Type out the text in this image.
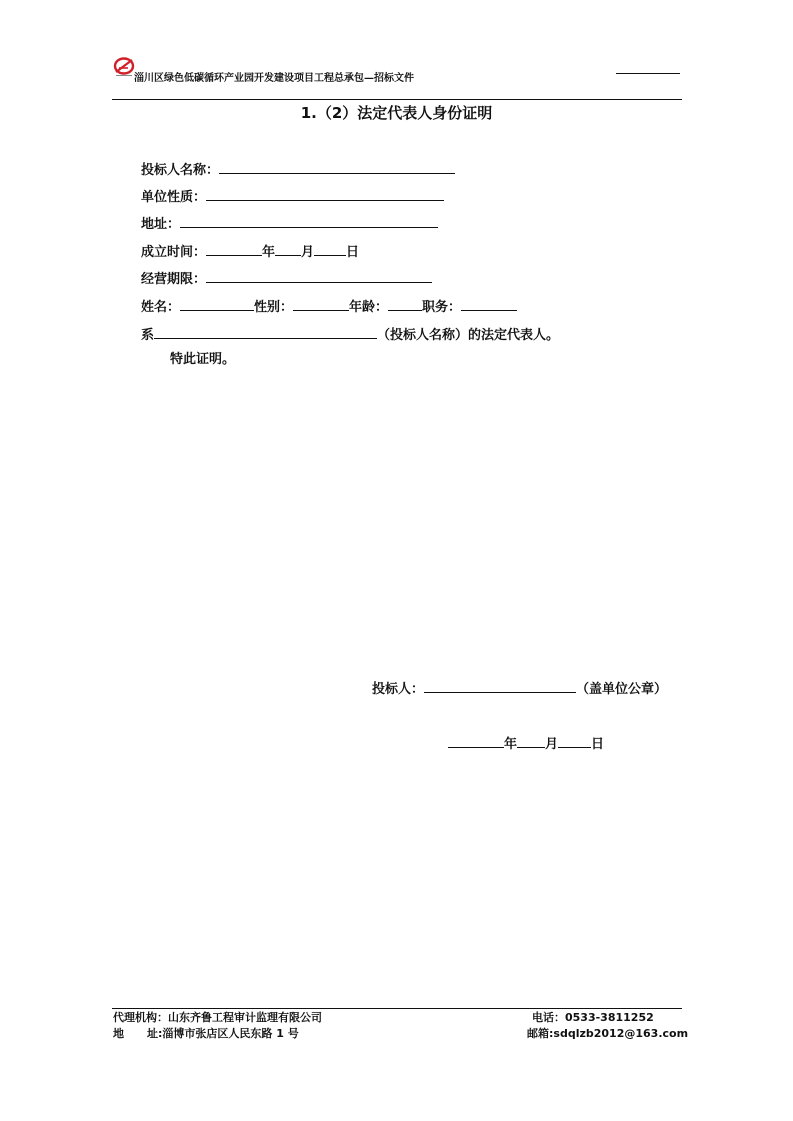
淄川区绿色低碳循环产业园开发建设项目工程总承包—招标文件
1.（2）法定代表人身份证明
投标人名称：
单位性质：
地址：
成立时间：	年 月 日
经营期限：
姓名：	性别：	年龄：	职务：
系	（投标人名称）的法定代表人。
特此证明。
投标人：	（盖单位公章）
年 月	日
代理机构：山东齐鲁工程审计监理有限公司
地      址:淄博市张店区人民东路 1 号
电话：0533-3811252
邮箱:sdqlzb2012@163.com
